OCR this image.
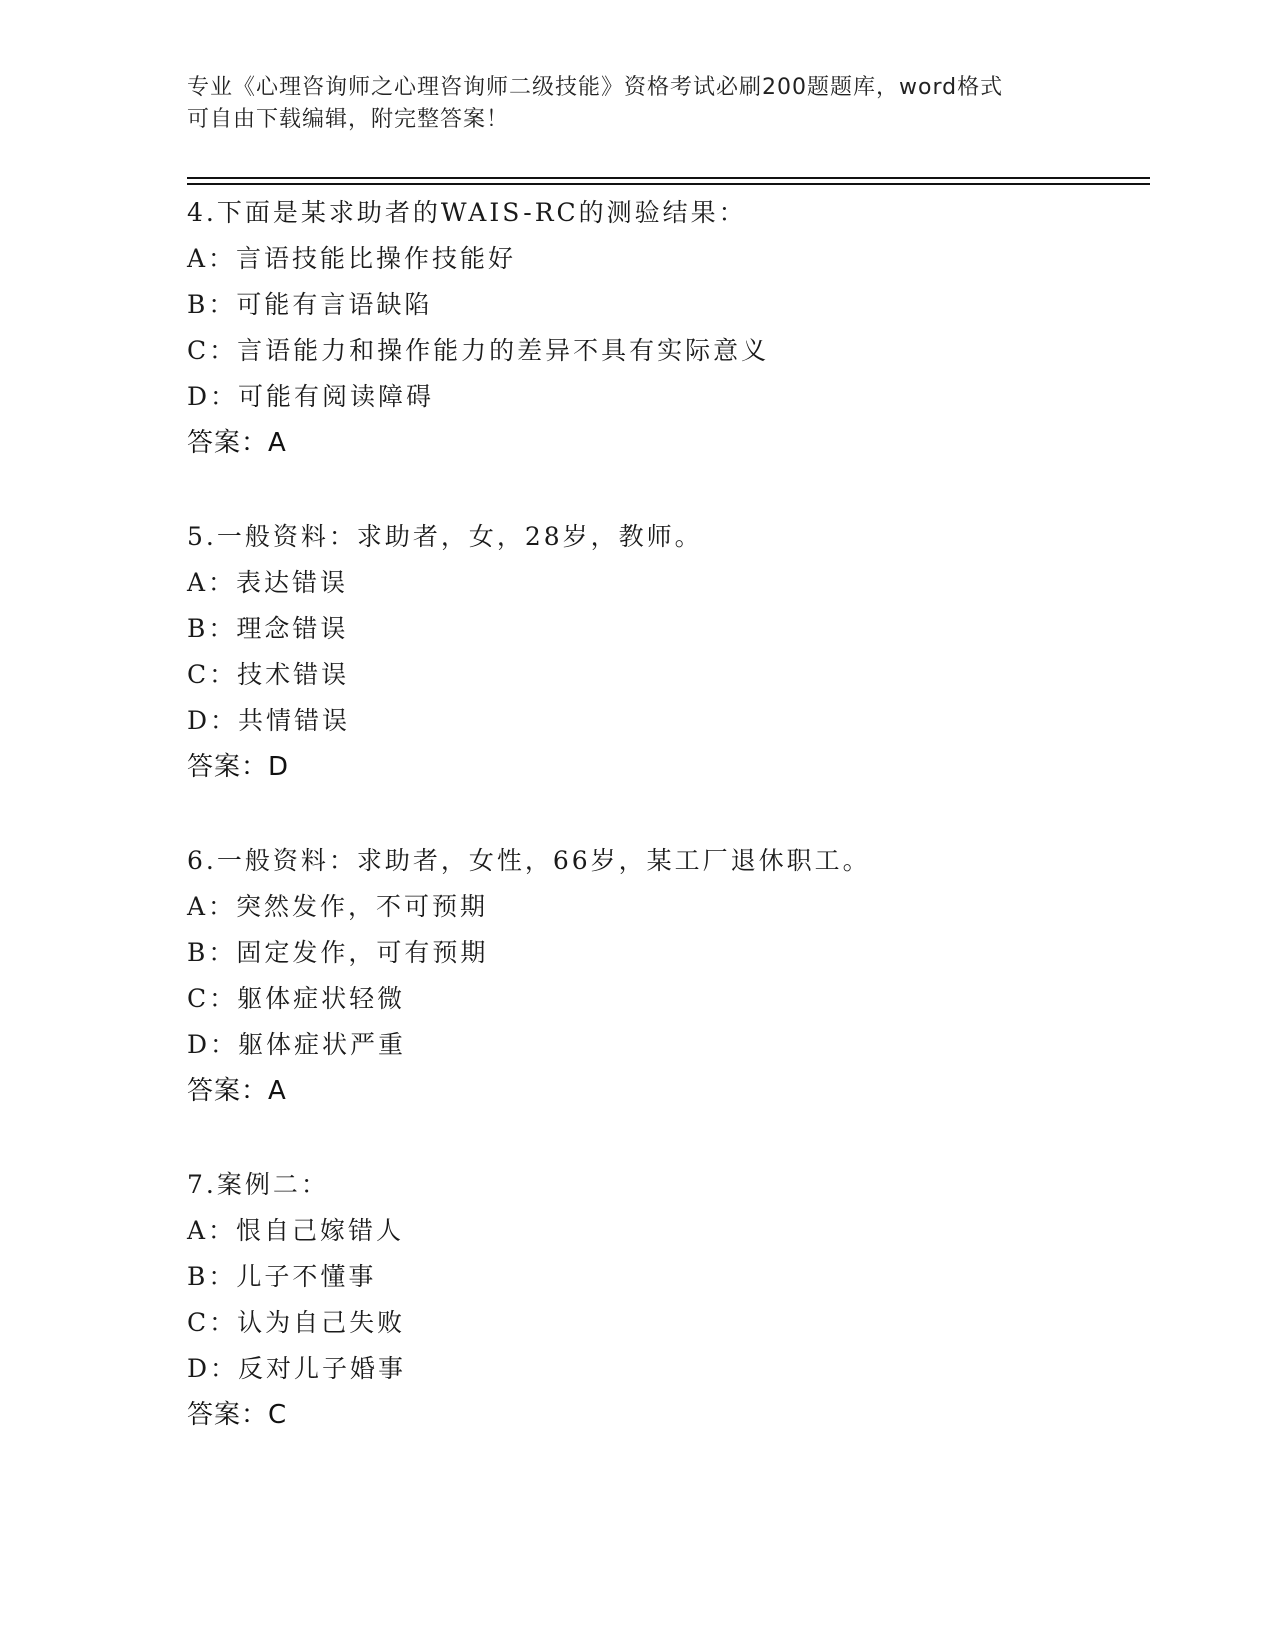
专业《心理咨询师之心理咨询师二级技能》资格考试必刷200题题库，word格式
可自由下载编辑，附完整答案！
4.下面是某求助者的WAIS-RC的测验结果：
A：言语技能比操作技能好
B：可能有言语缺陷
C：言语能力和操作能力的差异不具有实际意义
D：可能有阅读障碍
答案：A
5.一般资料：求助者，女，28岁，教师。
A：表达错误
B：理念错误
C：技术错误
D：共情错误
答案：D
6.一般资料：求助者，女性，66岁，某工厂退休职工。
A：突然发作，不可预期
B：固定发作，可有预期
C：躯体症状轻微
D：躯体症状严重
答案：A
7.案例二：
A：恨自己嫁错人
B：儿子不懂事
C：认为自己失败
D：反对儿子婚事
答案：C
